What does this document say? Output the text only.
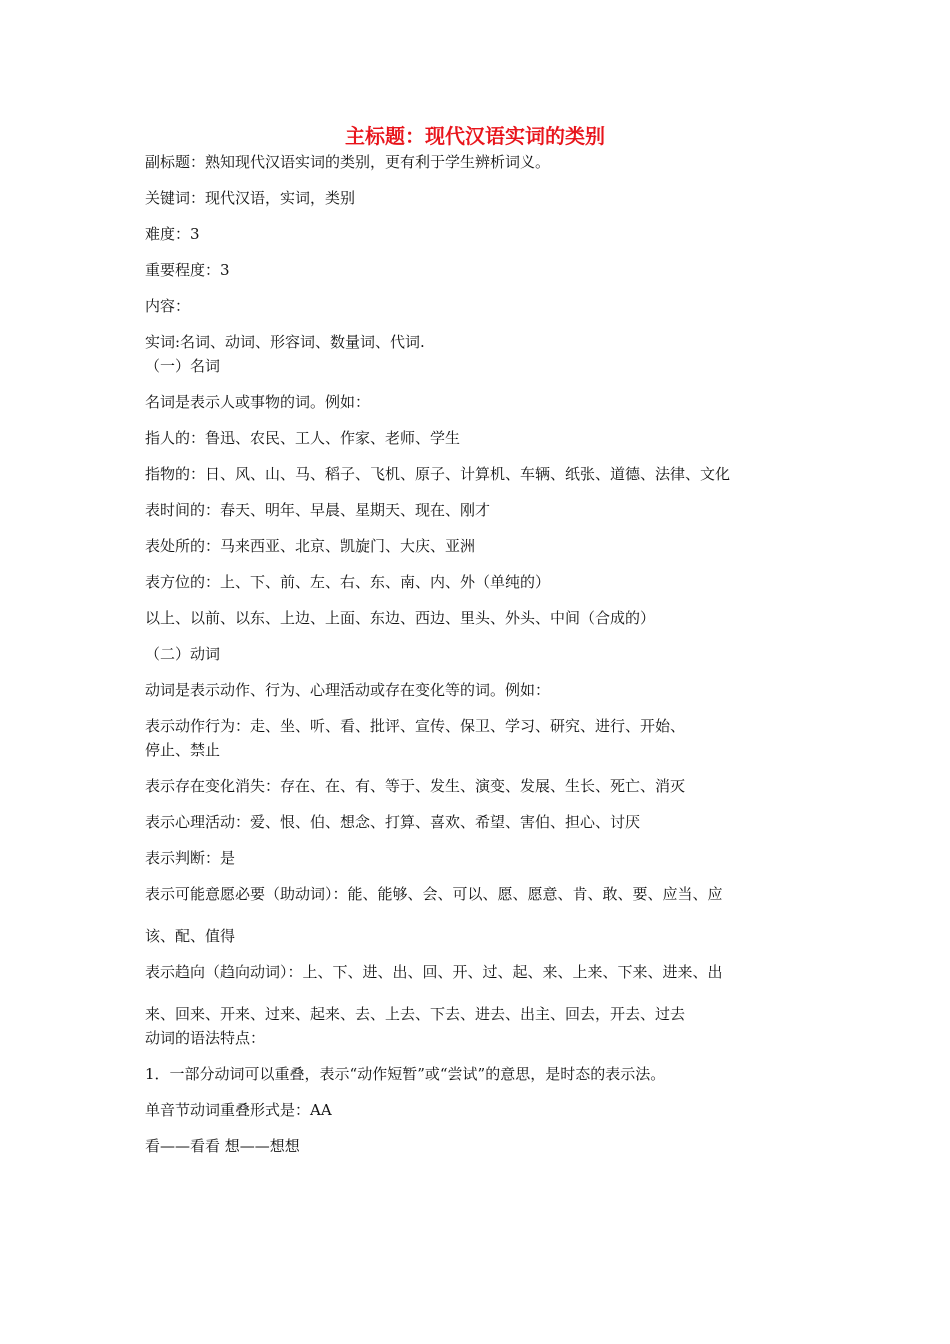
主标题：现代汉语实词的类别

副标题：熟知现代汉语实词的类别，更有利于学生辨析词义。

关键词：现代汉语，实词，类别

难度：3

重要程度：3

内容：

实词:名词、动词、形容词、数量词、代词.

（一）名词

名词是表示人或事物的词。例如：

指人的：鲁迅、农民、工人、作家、老师、学生

指物的：日、风、山、马、稻子、飞机、原子、计算机、车辆、纸张、道德、法律、文化

表时间的：春天、明年、早晨、星期天、现在、刚才

表处所的：马来西亚、北京、凯旋门、大庆、亚洲

表方位的：上、下、前、左、右、东、南、内、外（单纯的）

以上、以前、以东、上边、上面、东边、西边、里头、外头、中间（合成的）

（二）动词

动词是表示动作、行为、心理活动或存在变化等的词。例如：

表示动作行为：走、坐、听、看、批评、宣传、保卫、学习、研究、进行、开始、

停止、禁止

表示存在变化消失：存在、在、有、等于、发生、演变、发展、生长、死亡、消灭

表示心理活动：爱、恨、伯、想念、打算、喜欢、希望、害伯、担心、讨厌

表示判断：是

表示可能意愿必要（助动词）：能、能够、会、可以、愿、愿意、肯、敢、要、应当、应

该、配、值得

表示趋向（趋向动词）：上、下、进、出、回、开、过、起、来、上来、下来、进来、出

来、回来、开来、过来、起来、去、上去、下去、进去、出主、回去，开去、过去

动词的语法特点：

1．一部分动词可以重叠，表示“动作短暂”或“尝试”的意思，是时态的表示法。

单音节动词重叠形式是：AA

看——看看 想——想想
